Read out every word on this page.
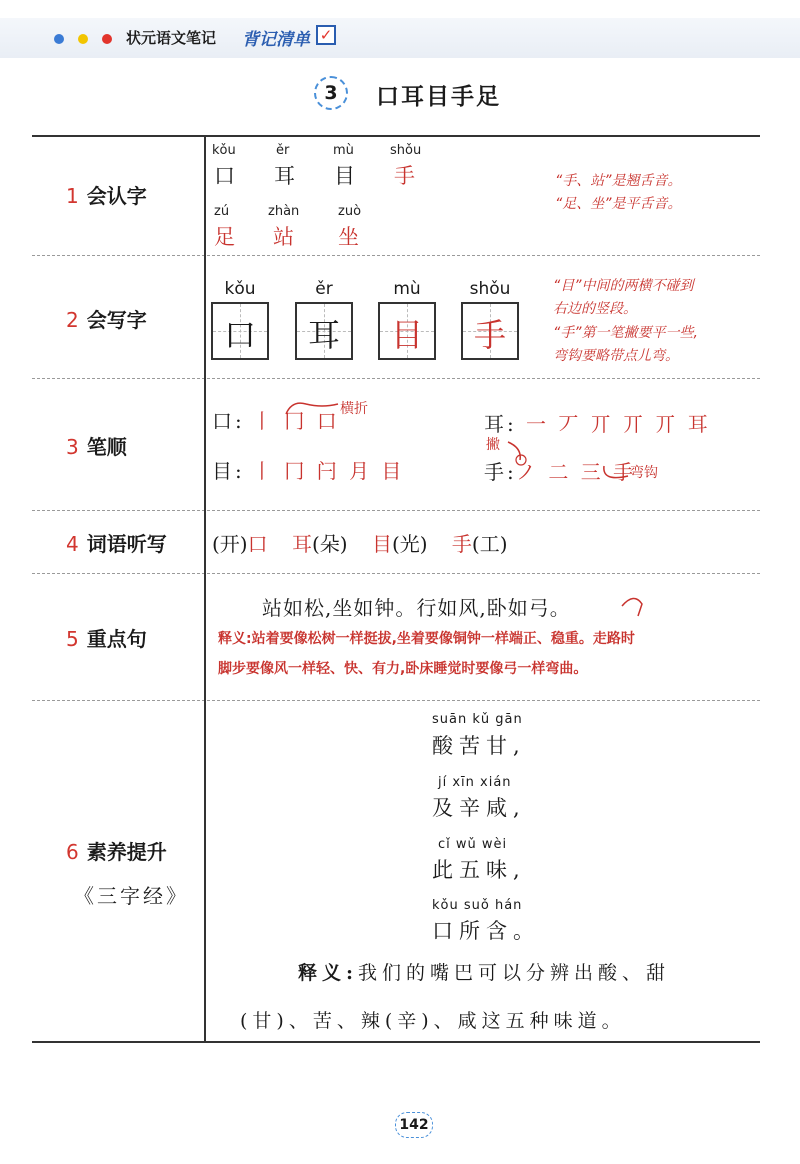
状元语文笔记 背记清单 ✓
3	口耳目手足
1 会认字
kǒu
口
ěr
耳
mù
目
shǒu
手
zú
足
zhàn
站
zuò
坐
“手、站”是翘舌音。
“足、坐”是平舌音。
2 会写字
kǒu
口
ěr
耳
mù
目
shǒu
手
“目”中间的两横不碰到
右边的竖段。
“手”第一笔撇要平一些,
弯钩要略带点儿弯。
3 笔顺
口: 丨 冂 口 横折
目: 丨 冂 闩 月 目
耳: 一 丆 丌 丌 丌 耳
撇
手: ノ 二 三 手
弯钩
4 词语听写 (开)口 耳(朵) 目(光) 手(工)
5 重点句
站如松,坐如钟。行如风,卧如弓。
释义:站着要像松树一样挺拔,坐着要像铜钟一样端正、稳重。走路时
脚步要像风一样轻、快、有力,卧床睡觉时要像弓一样弯曲。
6 素养提升
《三字经》
suān kǔ gān
酸苦甘,
jí xīn xián
及辛咸,
cǐ wǔ wèi
此五味,
kǒu suǒ hán
口所含。
释义:我们的嘴巴可以分辨出酸、甜
(甘)、苦、辣(辛)、咸这五种味道。
142
